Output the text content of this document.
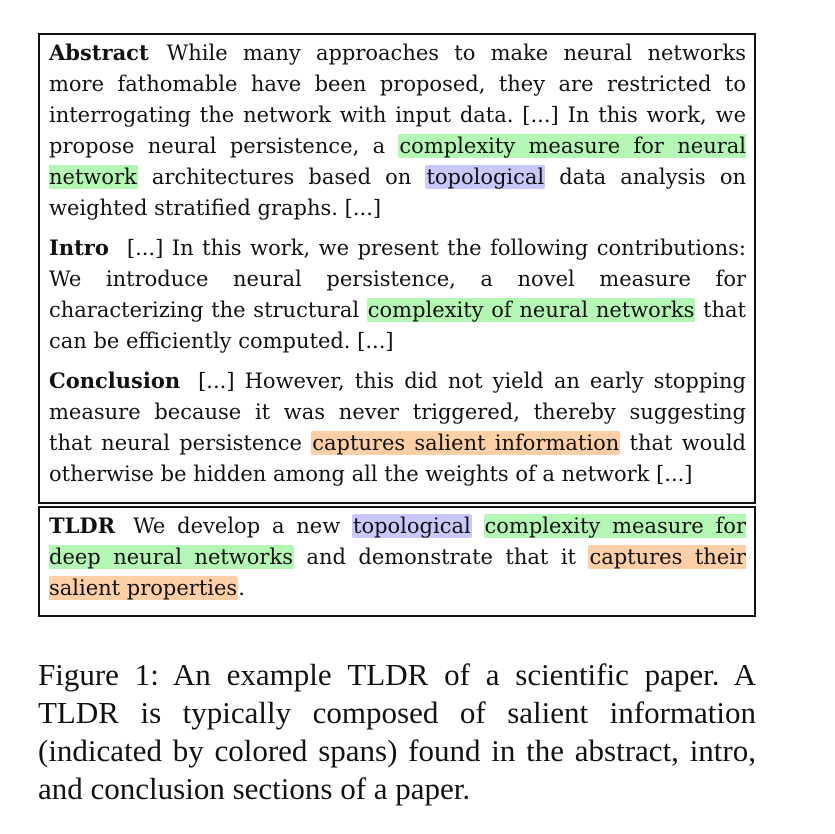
Abstract While many approaches to make neural networks more fathomable have been proposed, they are restricted to interrogating the network with input data. [...] In this work, we propose neural persistence, a complexity measure for neural network architectures based on topological data analysis on weighted stratified graphs. [...]

Intro [...] In this work, we present the following contributions: We introduce neural persistence, a novel measure for characterizing the structural complexity of neural networks that can be efficiently computed. [...]

Conclusion [...] However, this did not yield an early stopping measure because it was never triggered, thereby suggesting that neural persistence captures salient information that would otherwise be hidden among all the weights of a network [...]

TLDR We develop a new topological complexity measure for deep neural networks and demonstrate that it captures their salient properties.

Figure 1: An example TLDR of a scientific paper. A TLDR is typically composed of salient information (indicated by colored spans) found in the abstract, intro, and conclusion sections of a paper.
